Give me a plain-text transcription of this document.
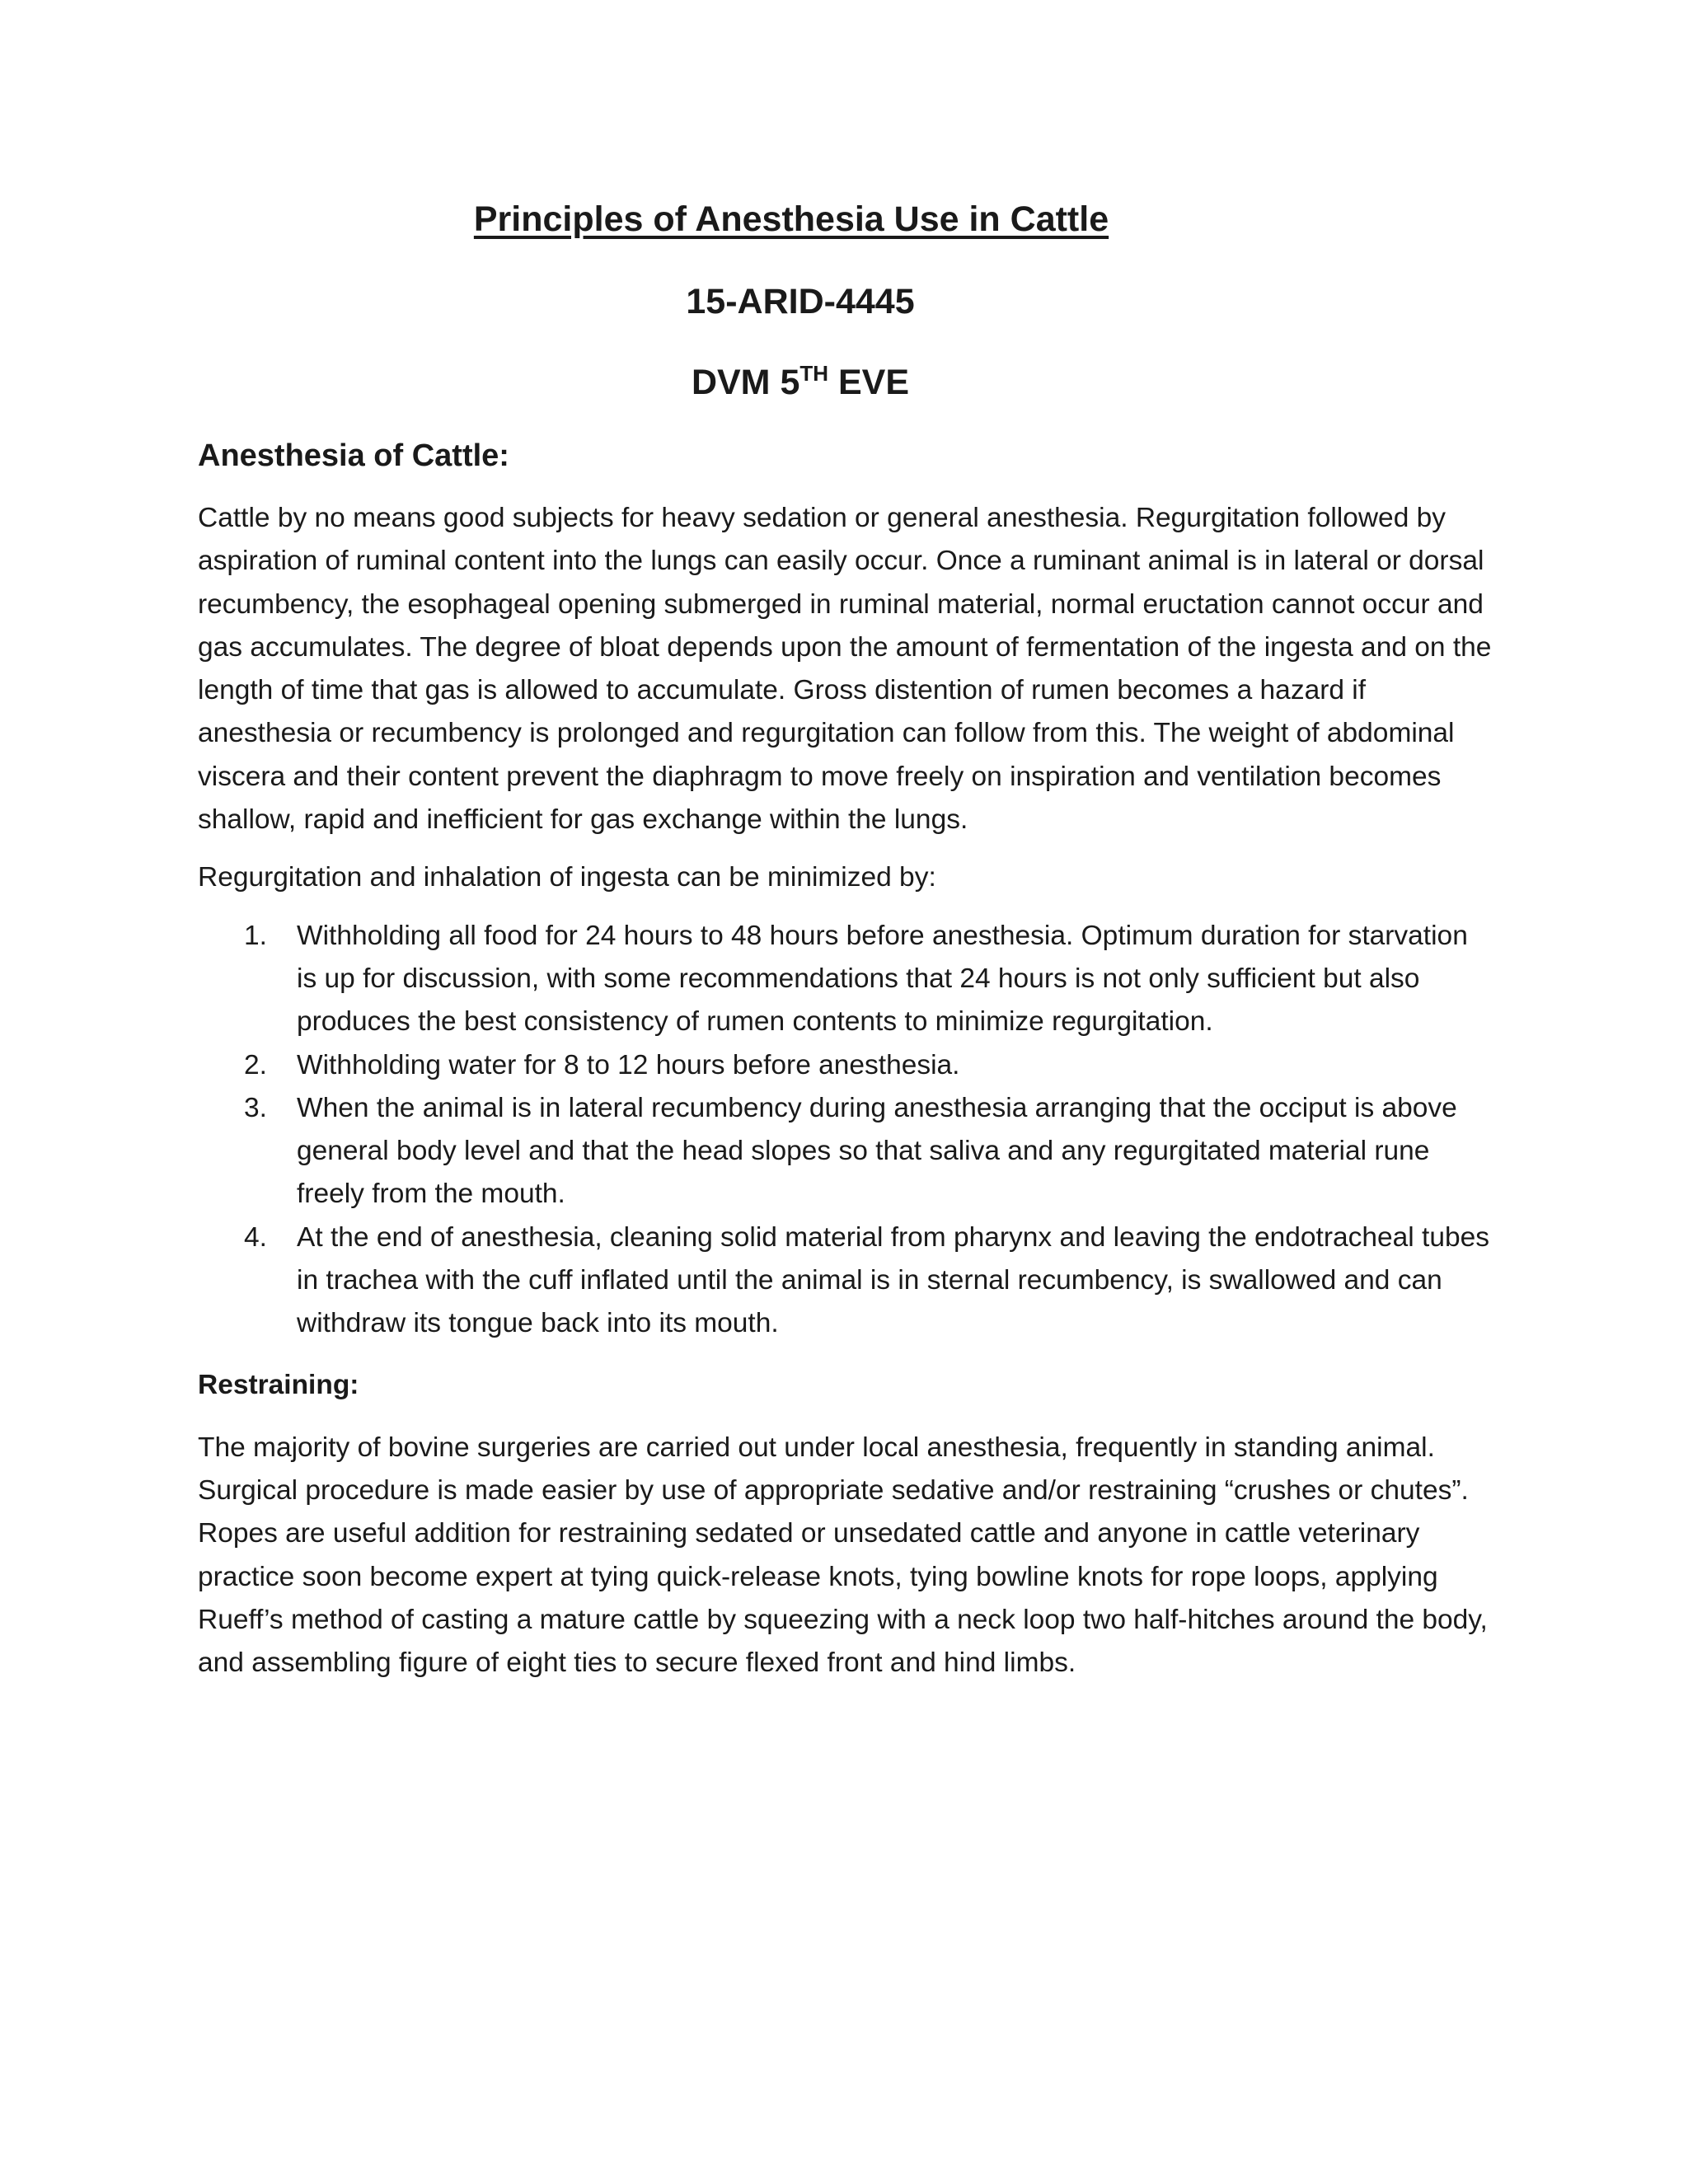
Principles of Anesthesia Use in Cattle
15-ARID-4445
DVM 5TH EVE
Anesthesia of Cattle:

Cattle by no means good subjects for heavy sedation or general anesthesia. Regurgitation followed by aspiration of ruminal content into the lungs can easily occur. Once a ruminant animal is in lateral or dorsal recumbency, the esophageal opening submerged in ruminal material, normal eructation cannot occur and gas accumulates. The degree of bloat depends upon the amount of fermentation of the ingesta and on the length of time that gas is allowed to accumulate. Gross distention of rumen becomes a hazard if anesthesia or recumbency is prolonged and regurgitation can follow from this. The weight of abdominal viscera and their content prevent the diaphragm to move freely on inspiration and ventilation becomes shallow, rapid and inefficient for gas exchange within the lungs.

Regurgitation and inhalation of ingesta can be minimized by:

1. Withholding all food for 24 hours to 48 hours before anesthesia. Optimum duration for starvation is up for discussion, with some recommendations that 24 hours is not only sufficient but also produces the best consistency of rumen contents to minimize regurgitation.
2. Withholding water for 8 to 12 hours before anesthesia.
3. When the animal is in lateral recumbency during anesthesia arranging that the occiput is above general body level and that the head slopes so that saliva and any regurgitated material rune freely from the mouth.
4. At the end of anesthesia, cleaning solid material from pharynx and leaving the endotracheal tubes in trachea with the cuff inflated until the animal is in sternal recumbency, is swallowed and can withdraw its tongue back into its mouth.
Restraining:

The majority of bovine surgeries are carried out under local anesthesia, frequently in standing animal. Surgical procedure is made easier by use of appropriate sedative and/or restraining “crushes or chutes”. Ropes are useful addition for restraining sedated or unsedated cattle and anyone in cattle veterinary practice soon become expert at tying quick-release knots, tying bowline knots for rope loops, applying Rueff’s method of casting a mature cattle by squeezing with a neck loop two half-hitches around the body, and assembling figure of eight ties to secure flexed front and hind limbs.
